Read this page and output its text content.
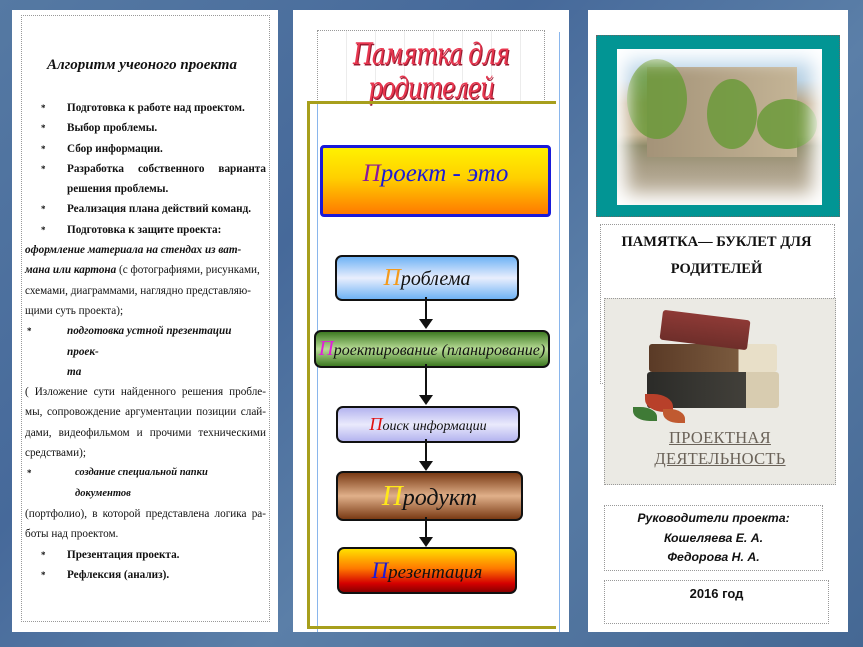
Алгоритм учеоного проекта
*	Подготовка к работе над проектом.
*	Выбор проблемы.
*	Сбор информации.
*	Разработка собственного варианта
решения проблемы.
*	Реализация плана действий команд.
*	Подготовка к защите проекта:
оформление материала на стендах из ват-
мана или картона (с фотографиями, рисунками,
схемами, диаграммами, наглядно представляю-
щими суть проекта);
*	подготовка устной презентации проек-
та
( Изложение сути найденного решения пробле-мы, сопровождение аргументации позиции слай-дами, видеофильмом и прочими техническими средствами);
*	создание специальной папки документов
(портфолио), в которой представлена логика ра-боты над проектом.
*	Презентация проекта.
*	Рефлексия (анализ).
Памятка для родителей
Проект - это
Проблема
Проектирование (планирование)
Поиск информации
Продукт
Презентация
ПАМЯТКА— БУКЛЕТ ДЛЯ
РОДИТЕЛЕЙ
ПРОЕКТНАЯ
ДЕЯТЕЛЬНОСТЬ
Руководители проекта:
Кошеляева Е. А.
Федорова Н. А.
2016 год
